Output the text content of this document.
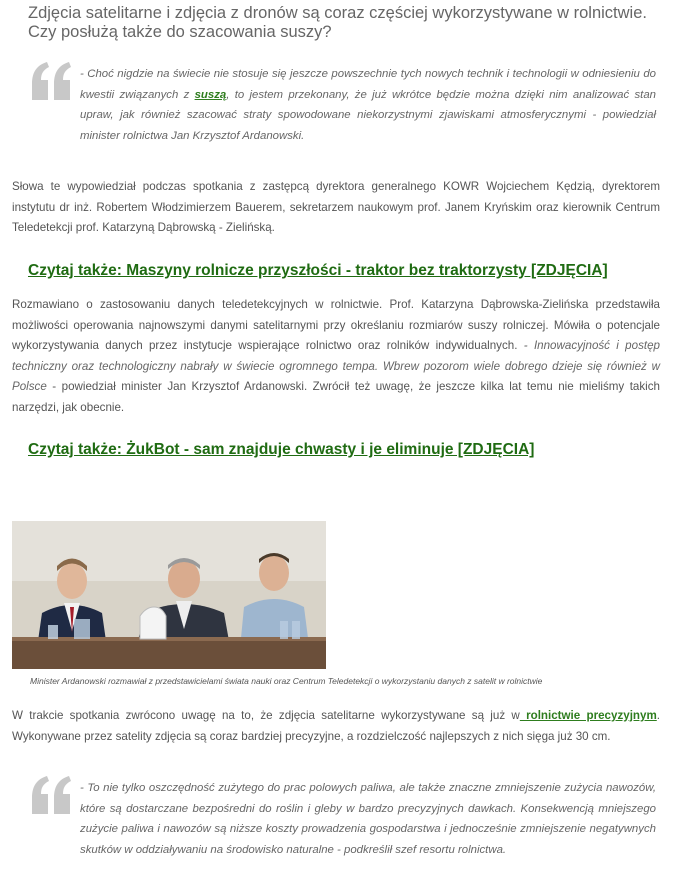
Zdjęcia satelitarne i zdjęcia z dronów są coraz częściej wykorzystywane w rolnictwie. Czy posłużą także do szacowania suszy?
- Choć nigdzie na świecie nie stosuje się jeszcze powszechnie tych nowych technik i technologii w odniesieniu do kwestii związanych z suszą, to jestem przekonany, że już wkrótce będzie można dzięki nim analizować stan upraw, jak również szacować straty spowodowane niekorzystnymi zjawiskami atmosferycznymi - powiedział minister rolnictwa Jan Krzysztof Ardanowski.
Słowa te wypowiedział podczas spotkania z zastępcą dyrektora generalnego KOWR Wojciechem Kędzią, dyrektorem instytutu dr inż. Robertem Włodzimierzem Bauerem, sekretarzem naukowym prof. Janem Kryńskim oraz kierownik Centrum Teledetekcji prof. Katarzyną Dąbrowską - Zielińską.
Czytaj także: Maszyny rolnicze przyszłości - traktor bez traktorzysty [ZDJĘCIA]
Rozmawiano o zastosowaniu danych teledetekcyjnych w rolnictwie. Prof. Katarzyna Dąbrowska-Zielińska przedstawiła możliwości operowania najnowszymi danymi satelitarnymi przy określaniu rozmiarów suszy rolniczej. Mówiła o potencjale wykorzystywania danych przez instytucje wspierające rolnictwo oraz rolników indywidualnych. - Innowacyjność i postęp techniczny oraz technologiczny nabrały w świecie ogromnego tempa. Wbrew pozorom wiele dobrego dzieje się również w Polsce - powiedział minister Jan Krzysztof Ardanowski. Zwrócił też uwagę, że jeszcze kilka lat temu nie mieliśmy takich narzędzi, jak obecnie.
Czytaj także: ŻukBot - sam znajduje chwasty i je eliminuje [ZDJĘCIA]
Minister Ardanowski rozmawiał z przedstawicielami świata nauki oraz Centrum Teledetekcji o wykorzystaniu danych z satelit w rolnictwie
W trakcie spotkania zwrócono uwagę na to, że zdjęcia satelitarne wykorzystywane są już w rolnictwie precyzyjnym. Wykonywane przez satelity zdjęcia są coraz bardziej precyzyjne, a rozdzielczość najlepszych z nich sięga już 30 cm.
- To nie tylko oszczędność zużytego do prac polowych paliwa, ale także znaczne zmniejszenie zużycia nawozów, które są dostarczane bezpośredni do roślin i gleby w bardzo precyzyjnych dawkach. Konsekwencją mniejszego zużycie paliwa i nawozów są niższe koszty prowadzenia gospodarstwa i jednocześnie zmniejszenie negatywnych skutków w oddziaływaniu na środowisko naturalne - podkreślił szef resortu rolnictwa.
